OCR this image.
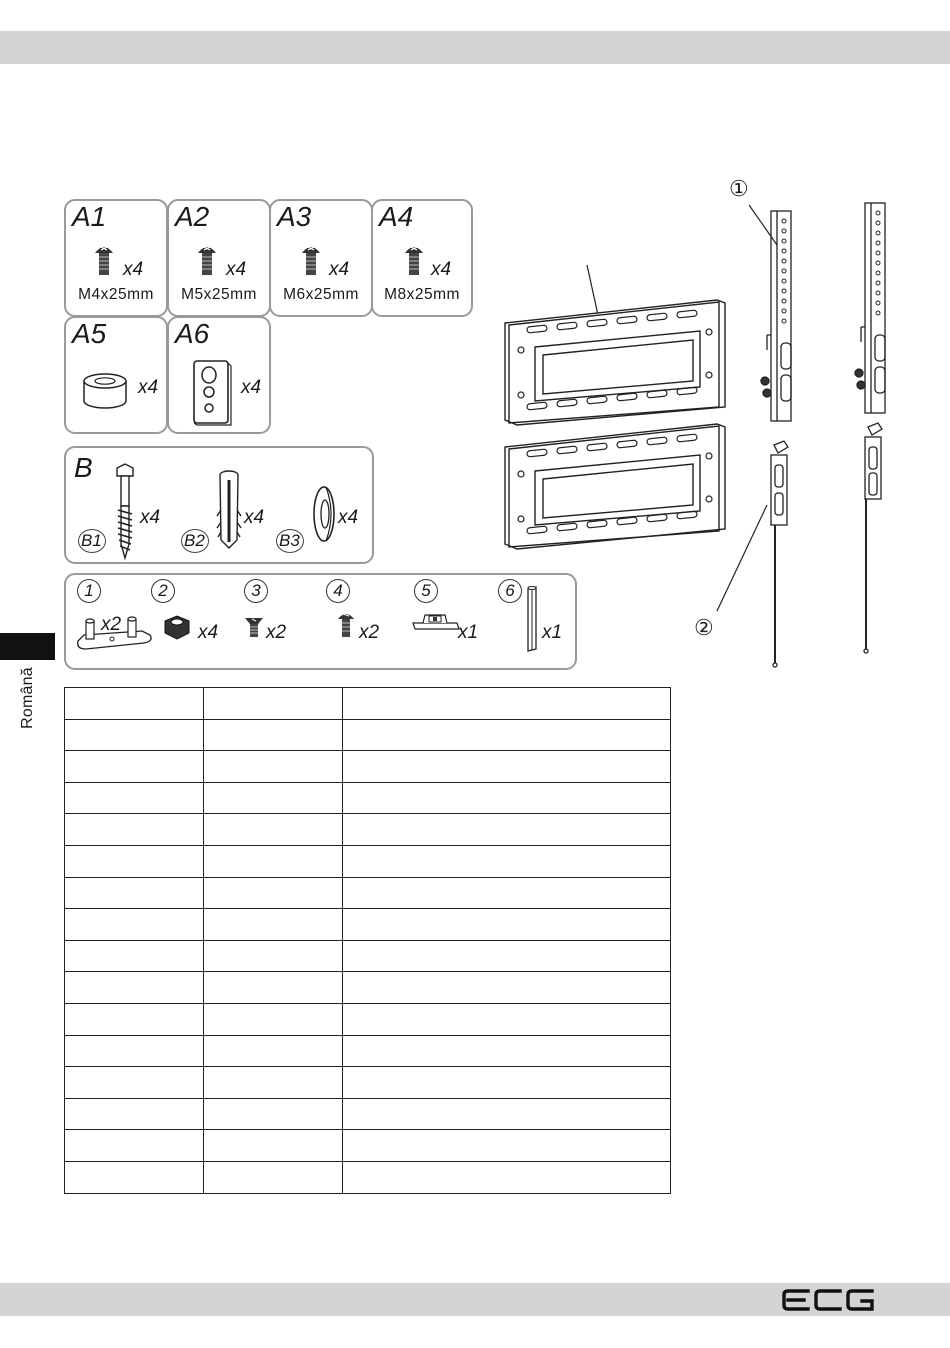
Română
A1
x4
M4x25mm
A2
x4
M5x25mm
A3
x4
M6x25mm
A4
x4
M8x25mm
A5
x4
A6
x4
B
x4
B1
x4
B2
x4
B3
1	2	3	4	5	6
x2	x4	x2	x2	x1	x1
①
②
